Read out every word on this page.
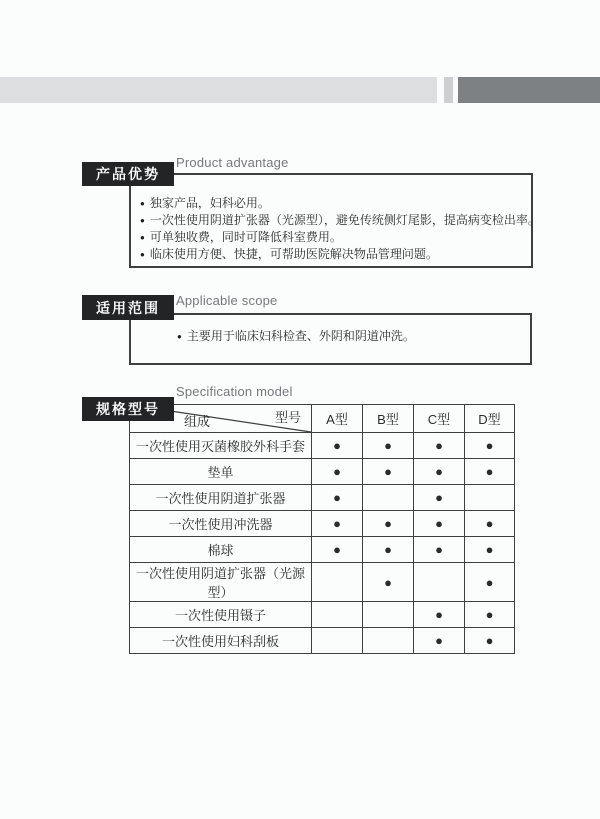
Product advantage
产品优势
● 独家产品，妇科必用。
● 一次性使用阴道扩张器（光源型），避免传统侧灯尾影，提高病变检出率。
● 可单独收费，同时可降低科室费用。
● 临床使用方便、快捷，可帮助医院解决物品管理问题。
Applicable scope
适用范围
● 主要用于临床妇科检查、外阴和阴道冲洗。
Specification model
规格型号
型号
组成	A型	B型	C型	D型
一次性使用灭菌橡胶外科手套	●	●	●	●
垫单	●	●	●	●
一次性使用阴道扩张器	●		●	
一次性使用冲洗器	●	●	●	●
棉球	●	●	●	●
一次性使用阴道扩张器（光源型）		●		●
一次性使用镊子			●	●
一次性使用妇科刮板			●	●
